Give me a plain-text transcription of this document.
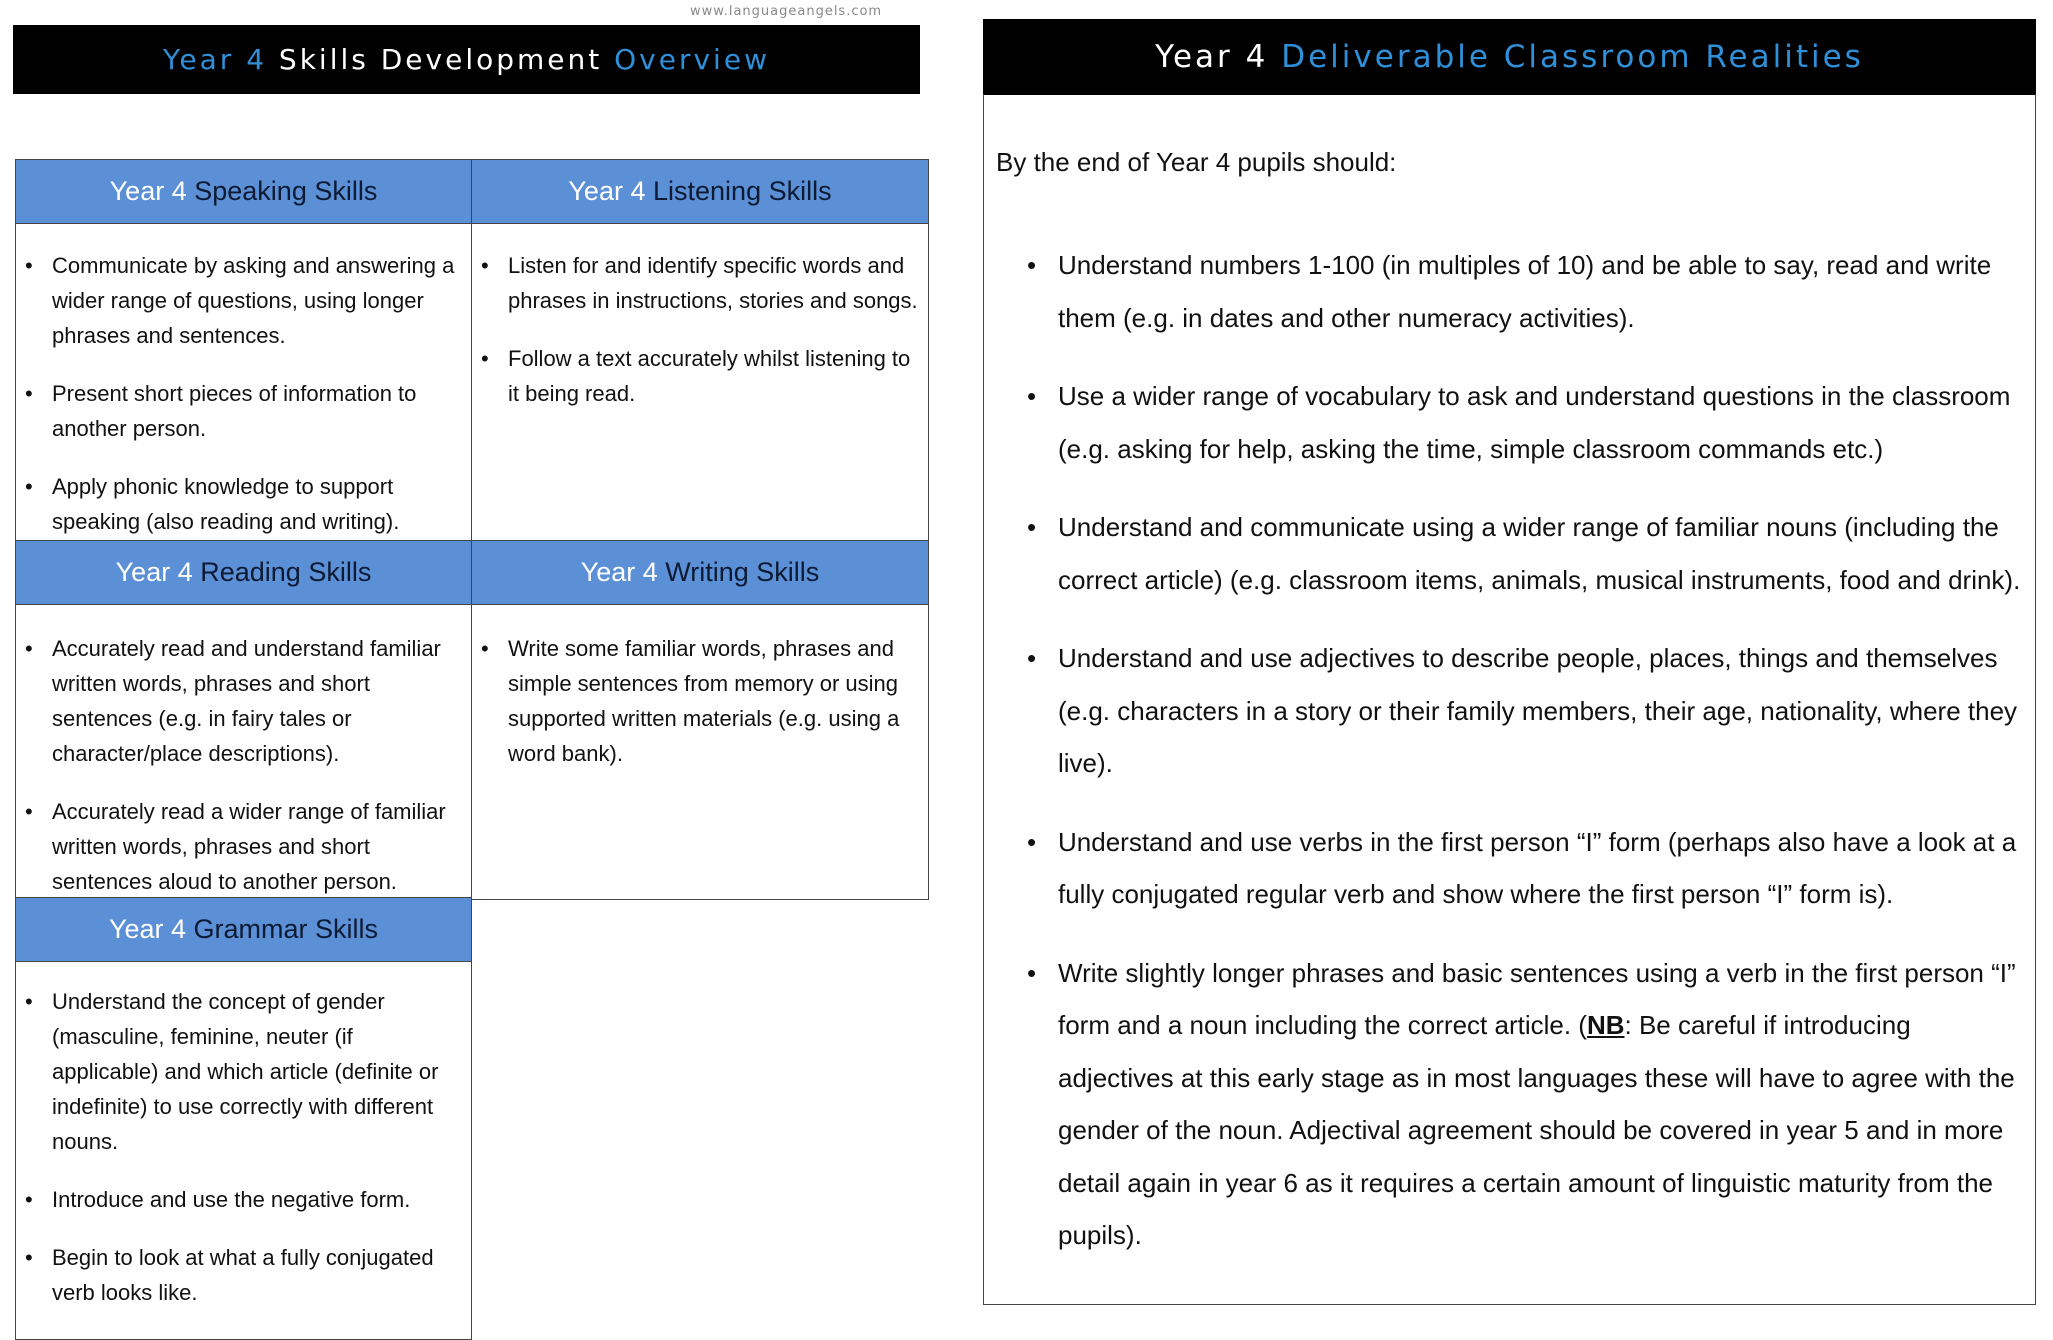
www.languageangels.com
Year 4
Skills Development
Overview	Year 4
Deliverable Classroom Realities
Year 4
Speaking Skills
• Communicate by asking and answering a wider range of questions, using longer phrases and sentences.
• Present short pieces of information to another person.
• Apply phonic knowledge to support speaking (also reading and writing).
Year 4
Listening Skills
• Listen for and identify specific words and phrases in instructions, stories and songs.
• Follow a text accurately whilst listening to it being read.
Year 4
Reading Skills
• Accurately read and understand familiar written words, phrases and short sentences (e.g. in fairy tales or character/place descriptions).
• Accurately read a wider range of familiar written words, phrases and short sentences aloud to another person.
Year 4
Writing Skills
• Write some familiar words, phrases and simple sentences from memory or using supported written materials (e.g. using a word bank).
Year 4
Grammar Skills
• Understand the concept of gender (masculine, feminine, neuter (if applicable) and which article (definite or indefinite) to use correctly with different nouns.
• Introduce and use the negative form.
• Begin to look at what a fully conjugated verb looks like.
By the end of Year 4 pupils should:
• Understand numbers 1-100 (in multiples of 10) and be able to say, read and write them (e.g. in dates and other numeracy activities).
• Use a wider range of vocabulary to ask and understand questions in the classroom (e.g. asking for help, asking the time, simple classroom commands etc.)
• Understand and communicate using a wider range of familiar nouns (including the correct article) (e.g. classroom items, animals, musical instruments, food and drink).
• Understand and use adjectives to describe people, places, things and themselves (e.g. characters in a story or their family members, their age, nationality, where they live).
• Understand and use verbs in the first person “I” form (perhaps also have a look at a fully conjugated regular verb and show where the first person “I” form is).
• Write slightly longer phrases and basic sentences using a verb in the first person “I” form and a noun including the correct article. (NB: Be careful if introducing adjectives at this early stage as in most languages these will have to agree with the gender of the noun. Adjectival agreement should be covered in year 5 and in more detail again in year 6 as it requires a certain amount of linguistic maturity from the pupils).
